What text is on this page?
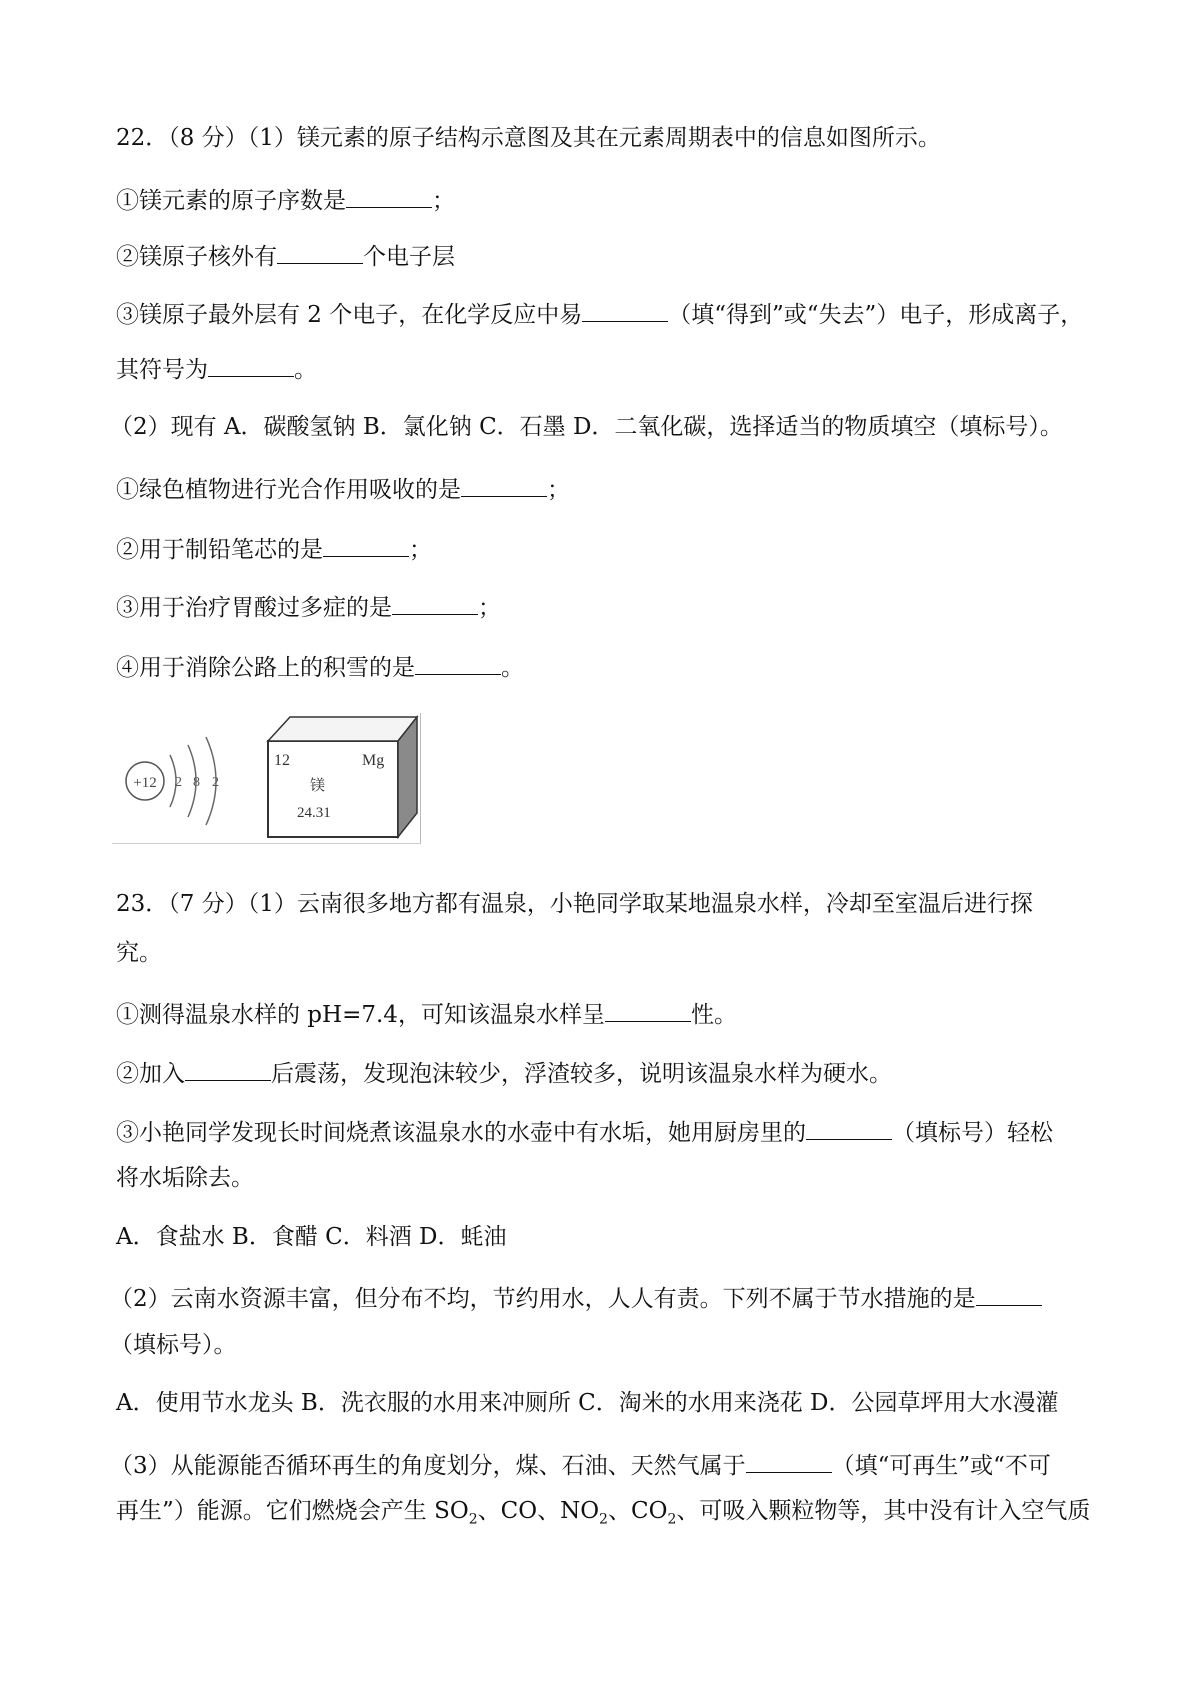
22．（8 分）（1）镁元素的原子结构示意图及其在元素周期表中的信息如图所示。
①镁元素的原子序数是	；
②镁原子核外有	个电子层
③镁原子最外层有 2 个电子，在化学反应中易	（填“得到”或“失去”）电子，形成离子，
其符号为	。
（2）现有 A．碳酸氢钠 B．氯化钠 C．石墨 D．二氧化碳，选择适当的物质填空（填标号）。
①绿色植物进行光合作用吸收的是	；
②用于制铅笔芯的是	；
③用于治疗胃酸过多症的是	；
④用于消除公路上的积雪的是	。
+12 2 8 2
12	Mg
镁
24.31
23．（7 分）（1）云南很多地方都有温泉，小艳同学取某地温泉水样，冷却至室温后进行探
究。
①测得温泉水样的 pH=7.4，可知该温泉水样呈	性。
②加入	后震荡，发现泡沫较少，浮渣较多，说明该温泉水样为硬水。
③小艳同学发现长时间烧煮该温泉水的水壶中有水垢，她用厨房里的	（填标号）轻松
将水垢除去。
A．食盐水 B．食醋 C．料酒 D．蚝油
（2）云南水资源丰富，但分布不均，节约用水，人人有责。下列不属于节水措施的是
（填标号）。
A．使用节水龙头 B．洗衣服的水用来冲厕所 C．淘米的水用来浇花 D．公园草坪用大水漫灌
（3）从能源能否循环再生的角度划分，煤、石油、天然气属于	（填“可再生”或“不可
再生”）能源。它们燃烧会产生 $SO_2$、CO、$NO_2$、$CO_2$、可吸入颗粒物等，其中没有计入空气质
